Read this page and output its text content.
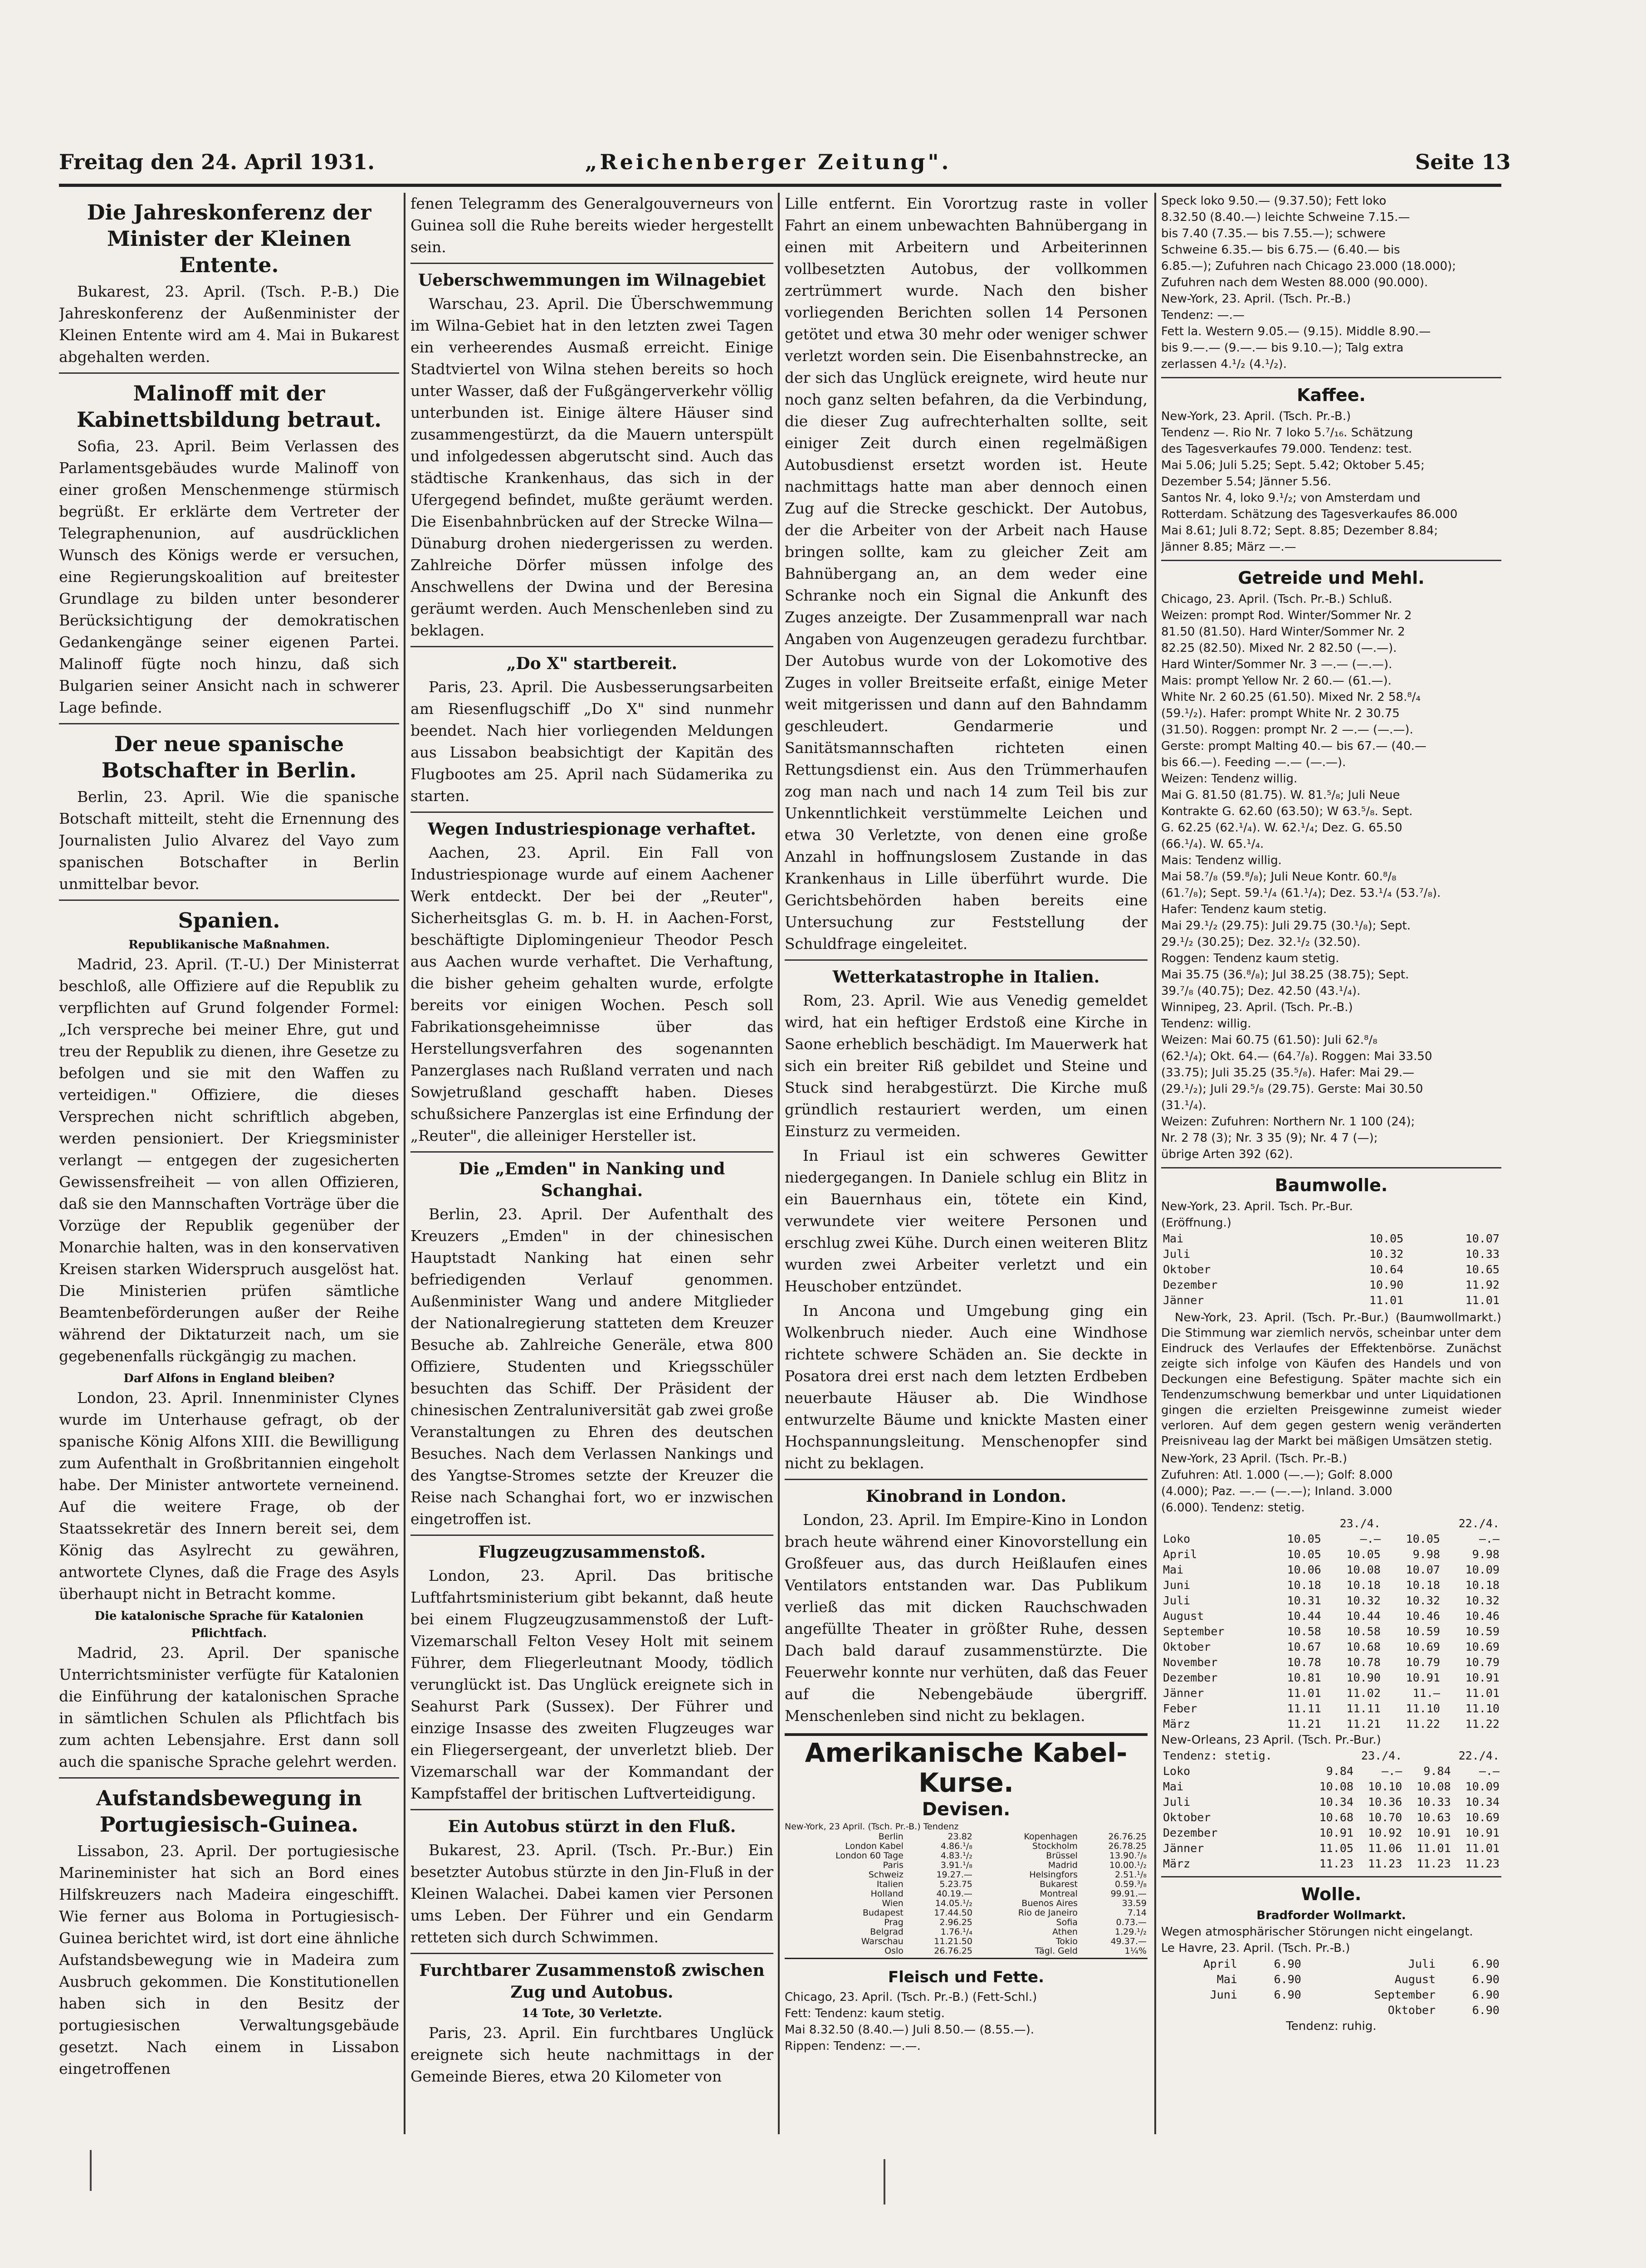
Freitag den 24. April 1931.	„Reichenberger Zeitung".	Seite 13
Die Jahreskonferenz der Minister der Kleinen Entente.

Bukarest, 23. April. (Tsch. P.-B.) Die Jahreskonferenz der Außenminister der Kleinen Entente wird am 4. Mai in Bukarest abgehalten werden.

Malinoff mit der Kabinettsbildung betraut.

Sofia, 23. April. Beim Verlassen des Parlamentsgebäudes wurde Malinoff von einer großen Menschenmenge stürmisch begrüßt. Er erklärte dem Vertreter der Telegraphenunion, auf ausdrücklichen Wunsch des Königs werde er versuchen, eine Regierungskoalition auf breitester Grundlage zu bilden unter besonderer Berücksichtigung der demokratischen Gedankengänge seiner eigenen Partei. Malinoff fügte noch hinzu, daß sich Bulgarien seiner Ansicht nach in schwerer Lage befinde.

Der neue spanische Botschafter in Berlin.

Berlin, 23. April. Wie die spanische Botschaft mitteilt, steht die Ernennung des Journalisten Julio Alvarez del Vayo zum spanischen Botschafter in Berlin unmittelbar bevor.

Spanien.
Republikanische Maßnahmen.

Madrid, 23. April. (T.-U.) Der Ministerrat beschloß, alle Offiziere auf die Republik zu verpflichten auf Grund folgender Formel: „Ich verspreche bei meiner Ehre, gut und treu der Republik zu dienen, ihre Gesetze zu befolgen und sie mit den Waffen zu verteidigen." Offiziere, die dieses Versprechen nicht schriftlich abgeben, werden pensioniert. Der Kriegsminister verlangt — entgegen der zugesicherten Gewissensfreiheit — von allen Offizieren, daß sie den Mannschaften Vorträge über die Vorzüge der Republik gegenüber der Monarchie halten, was in den konservativen Kreisen starken Widerspruch ausgelöst hat. Die Ministerien prüfen sämtliche Beamtenbeförderungen außer der Reihe während der Diktaturzeit nach, um sie gegebenenfalls rückgängig zu machen.

Darf Alfons in England bleiben?

London, 23. April. Innenminister Clynes wurde im Unterhause gefragt, ob der spanische König Alfons XIII. die Bewilligung zum Aufenthalt in Großbritannien eingeholt habe. Der Minister antwortete verneinend. Auf die weitere Frage, ob der Staatssekretär des Innern bereit sei, dem König das Asylrecht zu gewähren, antwortete Clynes, daß die Frage des Asyls überhaupt nicht in Betracht komme.

Die katalonische Sprache für Katalonien Pflichtfach.

Madrid, 23. April. Der spanische Unterrichtsminister verfügte für Katalonien die Einführung der katalonischen Sprache in sämtlichen Schulen als Pflichtfach bis zum achten Lebensjahre. Erst dann soll auch die spanische Sprache gelehrt werden.

Aufstandsbewegung in Portugiesisch-Guinea.

Lissabon, 23. April. Der portugiesische Marineminister hat sich an Bord eines Hilfskreuzers nach Madeira eingeschifft. Wie ferner aus Boloma in Portugiesisch-Guinea berichtet wird, ist dort eine ähnliche Aufstandsbewegung wie in Madeira zum Ausbruch gekommen. Die Konstitutionellen haben sich in den Besitz der portugiesischen Verwaltungsgebäude gesetzt. Nach einem in Lissabon eingetroffenen

fenen Telegramm des Generalgouverneurs von Guinea soll die Ruhe bereits wieder hergestellt sein.

Ueberschwemmungen im Wilnagebiet

Warschau, 23. April. Die Überschwemmung im Wilna-Gebiet hat in den letzten zwei Tagen ein verheerendes Ausmaß erreicht. Einige Stadtviertel von Wilna stehen bereits so hoch unter Wasser, daß der Fußgängerverkehr völlig unterbunden ist. Einige ältere Häuser sind zusammengestürzt, da die Mauern unterspült und infolgedessen abgerutscht sind. Auch das städtische Krankenhaus, das sich in der Ufergegend befindet, mußte geräumt werden. Die Eisenbahnbrücken auf der Strecke Wilna—Dünaburg drohen niedergerissen zu werden. Zahlreiche Dörfer müssen infolge des Anschwellens der Dwina und der Beresina geräumt werden. Auch Menschenleben sind zu beklagen.

„Do X" startbereit.

Paris, 23. April. Die Ausbesserungsarbeiten am Riesenflugschiff „Do X" sind nunmehr beendet. Nach hier vorliegenden Meldungen aus Lissabon beabsichtigt der Kapitän des Flugbootes am 25. April nach Südamerika zu starten.

Wegen Industriespionage verhaftet.

Aachen, 23. April. Ein Fall von Industriespionage wurde auf einem Aachener Werk entdeckt. Der bei der „Reuter", Sicherheitsglas G. m. b. H. in Aachen-Forst, beschäftigte Diplomingenieur Theodor Pesch aus Aachen wurde verhaftet. Die Verhaftung, die bisher geheim gehalten wurde, erfolgte bereits vor einigen Wochen. Pesch soll Fabrikationsgeheimnisse über das Herstellungsverfahren des sogenannten Panzerglases nach Rußland verraten und nach Sowjetrußland geschafft haben. Dieses schußsichere Panzerglas ist eine Erfindung der „Reuter", die alleiniger Hersteller ist.

Die „Emden" in Nanking und Schanghai.

Berlin, 23. April. Der Aufenthalt des Kreuzers „Emden" in der chinesischen Hauptstadt Nanking hat einen sehr befriedigenden Verlauf genommen. Außenminister Wang und andere Mitglieder der Nationalregierung statteten dem Kreuzer Besuche ab. Zahlreiche Generäle, etwa 800 Offiziere, Studenten und Kriegsschüler besuchten das Schiff. Der Präsident der chinesischen Zentraluniversität gab zwei große Veranstaltungen zu Ehren des deutschen Besuches. Nach dem Verlassen Nankings und des Yangtse-Stromes setzte der Kreuzer die Reise nach Schanghai fort, wo er inzwischen eingetroffen ist.

Flugzeugzusammenstoß.

London, 23. April. Das britische Luftfahrtsministerium gibt bekannt, daß heute bei einem Flugzeugzusammenstoß der Luft-Vizemarschall Felton Vesey Holt mit seinem Führer, dem Fliegerleutnant Moody, tödlich verunglückt ist. Das Unglück ereignete sich in Seahurst Park (Sussex). Der Führer und einzige Insasse des zweiten Flugzeuges war ein Fliegersergeant, der unverletzt blieb. Der Vizemarschall war der Kommandant der Kampfstaffel der britischen Luftverteidigung.

Ein Autobus stürzt in den Fluß.

Bukarest, 23. April. (Tsch. Pr.-Bur.) Ein besetzter Autobus stürzte in den Jin-Fluß in der Kleinen Walachei. Dabei kamen vier Personen ums Leben. Der Führer und ein Gendarm retteten sich durch Schwimmen.

Furchtbarer Zusammenstoß zwischen Zug und Autobus.
14 Tote, 30 Verletzte.

Paris, 23. April. Ein furchtbares Unglück ereignete sich heute nachmittags in der Gemeinde Bieres, etwa 20 Kilometer von

Lille entfernt. Ein Vorortzug raste in voller Fahrt an einem unbewachten Bahnübergang in einen mit Arbeitern und Arbeiterinnen vollbesetzten Autobus, der vollkommen zertrümmert wurde. Nach den bisher vorliegenden Berichten sollen 14 Personen getötet und etwa 30 mehr oder weniger schwer verletzt worden sein. Die Eisenbahnstrecke, an der sich das Unglück ereignete, wird heute nur noch ganz selten befahren, da die Verbindung, die dieser Zug aufrechterhalten sollte, seit einiger Zeit durch einen regelmäßigen Autobusdienst ersetzt worden ist. Heute nachmittags hatte man aber dennoch einen Zug auf die Strecke geschickt. Der Autobus, der die Arbeiter von der Arbeit nach Hause bringen sollte, kam zu gleicher Zeit am Bahnübergang an, an dem weder eine Schranke noch ein Signal die Ankunft des Zuges anzeigte. Der Zusammenprall war nach Angaben von Augenzeugen geradezu furchtbar. Der Autobus wurde von der Lokomotive des Zuges in voller Breitseite erfaßt, einige Meter weit mitgerissen und dann auf den Bahndamm geschleudert. Gendarmerie und Sanitätsmannschaften richteten einen Rettungsdienst ein. Aus den Trümmerhaufen zog man nach und nach 14 zum Teil bis zur Unkenntlichkeit verstümmelte Leichen und etwa 30 Verletzte, von denen eine große Anzahl in hoffnungslosem Zustande in das Krankenhaus in Lille überführt wurde. Die Gerichtsbehörden haben bereits eine Untersuchung zur Feststellung der Schuldfrage eingeleitet.

Wetterkatastrophe in Italien.

Rom, 23. April. Wie aus Venedig gemeldet wird, hat ein heftiger Erdstoß eine Kirche in Saone erheblich beschädigt. Im Mauerwerk hat sich ein breiter Riß gebildet und Steine und Stuck sind herabgestürzt. Die Kirche muß gründlich restauriert werden, um einen Einsturz zu vermeiden.

In Friaul ist ein schweres Gewitter niedergegangen. In Daniele schlug ein Blitz in ein Bauernhaus ein, tötete ein Kind, verwundete vier weitere Personen und erschlug zwei Kühe. Durch einen weiteren Blitz wurden zwei Arbeiter verletzt und ein Heuschober entzündet.

In Ancona und Umgebung ging ein Wolkenbruch nieder. Auch eine Windhose richtete schwere Schäden an. Sie deckte in Posatora drei erst nach dem letzten Erdbeben neuerbaute Häuser ab. Die Windhose entwurzelte Bäume und knickte Masten einer Hochspannungsleitung. Menschenopfer sind nicht zu beklagen.

Kinobrand in London.

London, 23. April. Im Empire-Kino in London brach heute während einer Kinovorstellung ein Großfeuer aus, das durch Heißlaufen eines Ventilators entstanden war. Das Publikum verließ das mit dicken Rauchschwaden angefüllte Theater in größter Ruhe, dessen Dach bald darauf zusammenstürzte. Die Feuerwehr konnte nur verhüten, daß das Feuer auf die Nebengebäude übergriff. Menschenleben sind nicht zu beklagen.

Amerikanische Kabel-Kurse.
Devisen.
New-York, 23 April. (Tsch. Pr.-B.) Tendenz
Berlin	23.82	Kopenhagen	26.76.25
London Kabel	4.86.¹/₈	Stockholm	26.78.25
London 60 Tage	4.83.¹/₂	Brüssel	13.90.⁷/₈
Paris	3.91.¹/₈	Madrid	10.00.¹/₂
Schweiz	19.27.—	Helsingfors	2.51.¹/₈
Italien	5.23.75	Bukarest	0.59.³/₈
Holland	40.19.—	Montreal	99.91.—
Wien	14.05.¹/₂	Buenos Aires	33.59
Budapest	17.44.50	Rio de Janeiro	7.14
Prag	2.96.25	Sofia	0.73.—
Belgrad	1.76.¹/₄	Athen	1.29.¹/₂
Warschau	11.21.50	Tokio	49.37.—
Oslo	26.76.25	Tägl. Geld	1¼%
Fleisch und Fette.
Chicago, 23. April. (Tsch. Pr.-B.) (Fett-Schl.)
Fett: Tendenz: kaum stetig.
Mai 8.32.50 (8.40.—) Juli 8.50.— (8.55.—).
Rippen: Tendenz: —.—.
Speck loko 9.50.— (9.37.50); Fett loko
8.32.50 (8.40.—) leichte Schweine 7.15.—
bis 7.40 (7.35.— bis 7.55.—); schwere
Schweine 6.35.— bis 6.75.— (6.40.— bis
6.85.—); Zufuhren nach Chicago 23.000 (18.000);
Zufuhren nach dem Westen 88.000 (90.000).
New-York, 23. April. (Tsch. Pr.-B.)
Tendenz: —.—
Fett la. Western 9.05.— (9.15). Middle 8.90.—
bis 9.—.— (9.—.— bis 9.10.—); Talg extra
zerlassen 4.¹/₂ (4.¹/₂).
Kaffee.
New-York, 23. April. (Tsch. Pr.-B.)
Tendenz —. Rio Nr. 7 loko 5.⁷/₁₆. Schätzung
des Tagesverkaufes 79.000. Tendenz: test.
Mai 5.06; Juli 5.25; Sept. 5.42; Oktober 5.45;
Dezember 5.54; Jänner 5.56.
Santos Nr. 4, loko 9.¹/₂; von Amsterdam und
Rotterdam. Schätzung des Tagesverkaufes 86.000
Mai 8.61; Juli 8.72; Sept. 8.85; Dezember 8.84;
Jänner 8.85; März —.—
Getreide und Mehl.
Chicago, 23. April. (Tsch. Pr.-B.) Schluß.
Weizen: prompt Rod. Winter/Sommer Nr. 2
81.50 (81.50). Hard Winter/Sommer Nr. 2
82.25 (82.50). Mixed Nr. 2 82.50 (—.—).
Hard Winter/Sommer Nr. 3 —.— (—.—).
Mais: prompt Yellow Nr. 2 60.— (61.—).
White Nr. 2 60.25 (61.50). Mixed Nr. 2 58.⁸/₄
(59.¹/₂). Hafer: prompt White Nr. 2 30.75
(31.50). Roggen: prompt Nr. 2 —.— (—.—).
Gerste: prompt Malting 40.— bis 67.— (40.—
bis 66.—). Feeding —.— (—.—).
Weizen: Tendenz willig.
Mai G. 81.50 (81.75). W. 81.⁵/₈; Juli Neue
Kontrakte G. 62.60 (63.50); W 63.⁵/₈. Sept.
G. 62.25 (62.¹/₄). W. 62.¹/₄; Dez. G. 65.50
(66.¹/₄). W. 65.¹/₄.
Mais: Tendenz willig.
Mai 58.⁷/₈ (59.⁸/₈); Juli Neue Kontr. 60.⁸/₈
(61.⁷/₈); Sept. 59.¹/₄ (61.¹/₄); Dez. 53.¹/₄ (53.⁷/₈).
Hafer: Tendenz kaum stetig.
Mai 29.¹/₂ (29.75): Juli 29.75 (30.¹/₈); Sept.
29.¹/₂ (30.25); Dez. 32.¹/₂ (32.50).
Roggen: Tendenz kaum stetig.
Mai 35.75 (36.⁸/₈); Jul 38.25 (38.75); Sept.
39.⁷/₈ (40.75); Dez. 42.50 (43.¹/₄).
Winnipeg, 23. April. (Tsch. Pr.-B.)
Tendenz: willig.
Weizen: Mai 60.75 (61.50): Juli 62.⁸/₈
(62.¹/₄); Okt. 64.— (64.⁷/₈). Roggen: Mai 33.50
(33.75); Juli 35.25 (35.⁵/₈). Hafer: Mai 29.—
(29.¹/₂); Juli 29.⁵/₈ (29.75). Gerste: Mai 30.50
(31.¹/₄).
Weizen: Zufuhren: Northern Nr. 1 100 (24);
Nr. 2 78 (3); Nr. 3 35 (9); Nr. 4 7 (—);
übrige Arten 392 (62).
Baumwolle.
New-York, 23. April. Tsch. Pr.-Bur.
(Eröffnung.)
Mai	10.05	10.07
Juli	10.32	10.33
Oktober	10.64	10.65
Dezember	10.90	11.92
Jänner	11.01	11.01

New-York, 23. April. (Tsch. Pr.-Bur.) (Baumwollmarkt.) Die Stimmung war ziemlich nervös, scheinbar unter dem Eindruck des Verlaufes der Effektenbörse. Zunächst zeigte sich infolge von Käufen des Handels und von Deckungen eine Befestigung. Später machte sich ein Tendenzumschwung bemerkbar und unter Liquidationen gingen die erzielten Preisgewinne zumeist wieder verloren. Auf dem gegen gestern wenig veränderten Preisniveau lag der Markt bei mäßigen Umsätzen stetig.

New-York, 23 April. (Tsch. Pr.-B.)
Zufuhren: Atl. 1.000 (—.—); Golf: 8.000
(4.000); Paz. —.— (—.—); Inland. 3.000
(6.000). Tendenz: stetig.
	23./4.		22./4.	
Loko	10.05	—.—	10.05	—.—
April	10.05	10.05	9.98	9.98
Mai	10.06	10.08	10.07	10.09
Juni	10.18	10.18	10.18	10.18
Juli	10.31	10.32	10.32	10.32
August	10.44	10.44	10.46	10.46
September	10.58	10.58	10.59	10.59
Oktober	10.67	10.68	10.69	10.69
November	10.78	10.78	10.79	10.79
Dezember	10.81	10.90	10.91	10.91
Jänner	11.01	11.02	11.—	11.01
Feber	11.11	11.11	11.10	11.10
März	11.21	11.21	11.22	11.22
New-Orleans, 23 April. (Tsch. Pr.-Bur.)
Tendenz: stetig.	23./4.		22./4.	
Loko	9.84	—.—	9.84	—.—
Mai	10.08	10.10	10.08	10.09
Juli	10.34	10.36	10.33	10.34
Oktober	10.68	10.70	10.63	10.69
Dezember	10.91	10.92	10.91	10.91
Jänner	11.05	11.06	11.01	11.01
März	11.23	11.23	11.23	11.23
Wolle.
Bradforder Wollmarkt.
Wegen atmosphärischer Störungen nicht eingelangt.
Le Havre, 23. April. (Tsch. Pr.-B.)
April	6.90	Juli	6.90
Mai	6.90	August	6.90
Juni	6.90	September	6.90
		Oktober	6.90
Tendenz: ruhig.
